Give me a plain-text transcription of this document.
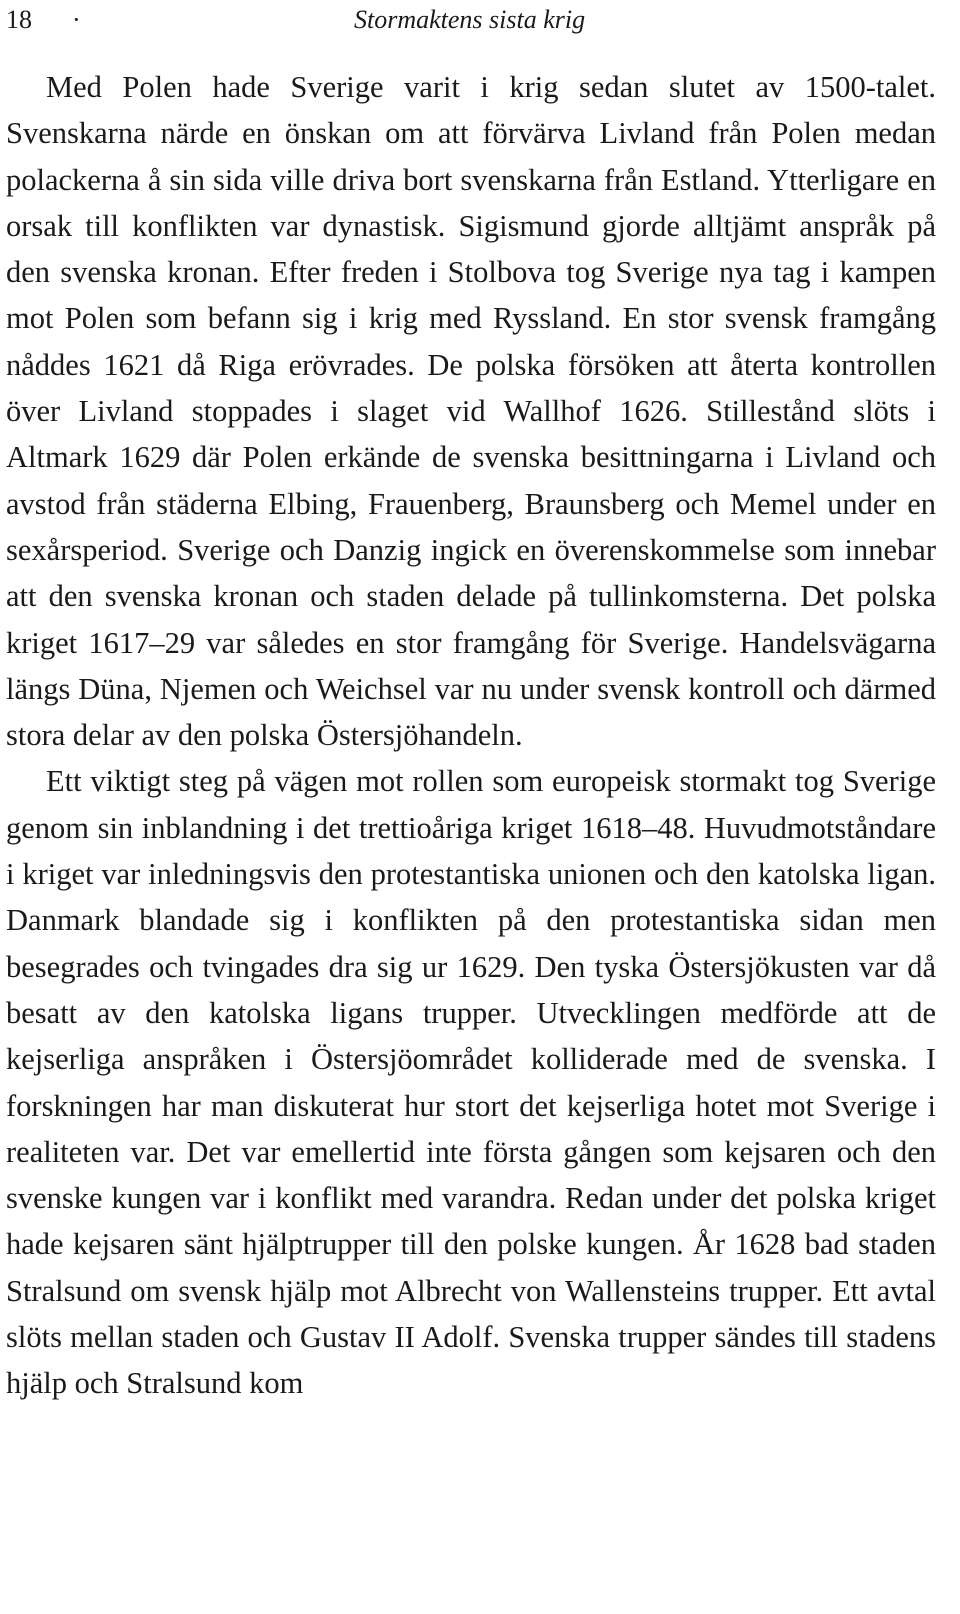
18 ·	Stormaktens sista krig

Med Polen hade Sverige varit i krig sedan slutet av 1500-talet. Svenskarna närde en önskan om att förvärva Livland från Polen medan polackerna å sin sida ville driva bort svenskarna från Estland. Ytterligare en orsak till konflikten var dynastisk. Sigismund gjorde alltjämt anspråk på den svenska kronan. Efter freden i Stolbova tog Sverige nya tag i kampen mot Polen som befann sig i krig med Ryssland. En stor svensk framgång nåddes 1621 då Riga erövrades. De polska försöken att återta kontrollen över Livland stoppades i slaget vid Wallhof 1626. Stillestånd slöts i Altmark 1629 där Polen erkände de svenska besittningarna i Livland och avstod från städerna Elbing, Frauenberg, Braunsberg och Memel under en sexårsperiod. Sverige och Danzig ingick en överenskommelse som innebar att den svenska kronan och staden delade på tullinkomsterna. Det polska kriget 1617–29 var således en stor framgång för Sverige. Handelsvägarna längs Düna, Njemen och Weichsel var nu under svensk kontroll och därmed stora delar av den polska Östersjöhandeln.

Ett viktigt steg på vägen mot rollen som europeisk stormakt tog Sverige genom sin inblandning i det trettioåriga kriget 1618–48. Huvudmotståndare i kriget var inledningsvis den protestantiska unionen och den katolska ligan. Danmark blandade sig i konflikten på den protestantiska sidan men besegrades och tvingades dra sig ur 1629. Den tyska Östersjökusten var då besatt av den katolska ligans trupper. Utvecklingen medförde att de kejserliga anspråken i Östersjöområdet kolliderade med de svenska. I forskningen har man diskuterat hur stort det kejserliga hotet mot Sverige i realiteten var. Det var emellertid inte första gången som kejsaren och den svenske kungen var i konflikt med varandra. Redan under det polska kriget hade kejsaren sänt hjälptrupper till den polske kungen. År 1628 bad staden Stralsund om svensk hjälp mot Albrecht von Wallensteins trupper. Ett avtal slöts mellan staden och Gustav II Adolf. Svenska trupper sändes till stadens hjälp och Stralsund kom
